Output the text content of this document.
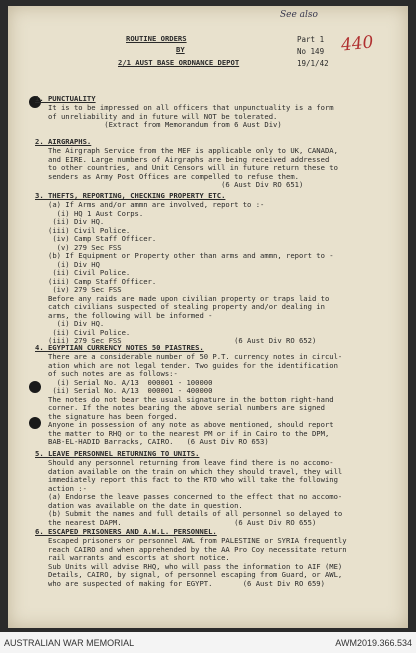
See also
440
ROUTINE ORDERS
BY
2/1 AUST BASE ORDNANCE DEPOT
Part 1
No 149
19/1/42
1. PUNCTUALITY
It is to be impressed on all officers that unpunctuality is a form
of unreliability and in future will NOT be tolerated.
(Extract from Memorandum from 6 Aust Div)
2. AIRGRAPHS.
The Airgraph Service from the MEF is applicable only to UK, CANADA,
and EIRE. Large numbers of Airgraphs are being received addressed
to other countries, and Unit Censors will in future return these to
senders as Army Post Offices are compelled to refuse them.
(6 Aust Div RO 651)
3. THEFTS, REPORTING, CHECKING PROPERTY ETC.
(a) If Arms and/or ammn are involved, report to :-
(i) HQ 1 Aust Corps.
(ii) Div HQ.
(iii) Civil Police.
(iv) Camp Staff Officer.
(v) 279 Sec FSS
(b) If Equipment or Property other than arms and ammn, report to -
(i) Div HQ
(ii) Civil Police.
(iii) Camp Staff Officer.
(iv) 279 Sec FSS
Before any raids are made upon civilian property or traps laid to
catch civilians suspected of stealing property and/or dealing in
arms, the following will be informed -
(i) Div HQ.
(ii) Civil Police.
(iii) 279 Sec FSS                          (6 Aust Div RO 652)
4. EGYPTIAN CURRENCY NOTES 50 PIASTRES.
There are a considerable number of 50 P.T. currency notes in circul-
ation which are not legal tender. Two guides for the identification
of such notes are as follows:-
(i) Serial No. A/13  000001 - 100000
(ii) Serial No. A/13  000001 - 400000
The notes do not bear the usual signature in the bottom right-hand
corner. If the notes bearing the above serial numbers are signed
the signature has been forged.
Anyone in possession of any note as above mentioned, should report
the matter to RHQ or to the nearest PM or if in Cairo to the DPM,
BAB-EL-HADID Barracks, CAIRO.   (6 Aust Div RO 653)
5. LEAVE PERSONNEL RETURNING TO UNITS.
Should any personnel returning from leave find there is no accomo-
dation available on the train on which they should travel, they will
immediately report this fact to the RTO who will take the following
action :-
(a) Endorse the leave passes concerned to the effect that no accomo-
dation was available on the date in question.
(b) Submit the names and full details of all personnel so delayed to
the nearest DAPM.                          (6 Aust Div RO 655)
6. ESCAPED PRISONERS AND A.W.L. PERSONNEL.
Escaped prisoners or personnel AWL from PALESTINE or SYRIA frequently
reach CAIRO and when apprehended by the AA Pro Coy necessitate return
rail warrants and escorts at short notice.
Sub Units will advise RHQ, who will pass the information to AIF (ME)
Details, CAIRO, by signal, of personnel escaping from Guard, or AWL,
who are suspected of making for EGYPT.       (6 Aust Div RO 659)
AUSTRALIAN WAR MEMORIAL	AWM2019.366.534
